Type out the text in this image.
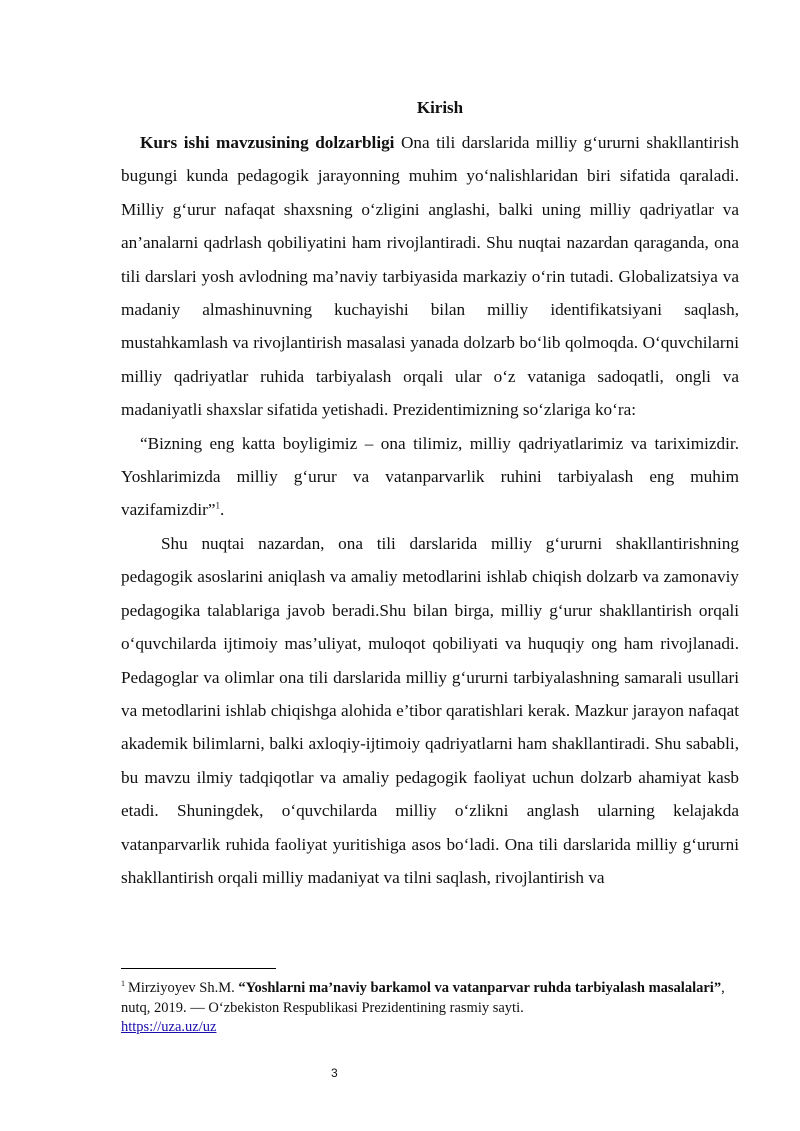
Kirish

Kurs ishi mavzusining dolzarbligi Ona tili darslarida milliy g‘ururni shakllantirish bugungi kunda pedagogik jarayonning muhim yo‘nalishlaridan biri sifatida qaraladi. Milliy g‘urur nafaqat shaxsning o‘zligini anglashi, balki uning milliy qadriyatlar va an’analarni qadrlash qobiliyatini ham rivojlantiradi. Shu nuqtai nazardan qaraganda, ona tili darslari yosh avlodning ma’naviy tarbiyasida markaziy o‘rin tutadi. Globalizatsiya va madaniy almashinuvning kuchayishi bilan milliy identifikatsiyani saqlash, mustahkamlash va rivojlantirish masalasi yanada dolzarb bo‘lib qolmoqda. O‘quvchilarni milliy qadriyatlar ruhida tarbiyalash orqali ular o‘z vataniga sadoqatli, ongli va madaniyatli shaxslar sifatida yetishadi. Prezidentimizning so‘zlariga ko‘ra:

“Bizning eng katta boyligimiz – ona tilimiz, milliy qadriyatlarimiz va tariximizdir. Yoshlarimizda milliy g‘urur va vatanparvarlik ruhini tarbiyalash eng muhim vazifamizdir”$^1$.

Shu nuqtai nazardan, ona tili darslarida milliy g‘ururni shakllantirishning pedagogik asoslarini aniqlash va amaliy metodlarini ishlab chiqish dolzarb va zamonaviy pedagogika talablariga javob beradi.Shu bilan birga, milliy g‘urur shakllantirish orqali o‘quvchilarda ijtimoiy mas’uliyat, muloqot qobiliyati va huquqiy ong ham rivojlanadi. Pedagoglar va olimlar ona tili darslarida milliy g‘ururni tarbiyalashning samarali usullari va metodlarini ishlab chiqishga alohida e’tibor qaratishlari kerak. Mazkur jarayon nafaqat akademik bilimlarni, balki axloqiy-ijtimoiy qadriyatlarni ham shakllantiradi. Shu sababli, bu mavzu ilmiy tadqiqotlar va amaliy pedagogik faoliyat uchun dolzarb ahamiyat kasb etadi. Shuningdek, o‘quvchilarda milliy o‘zlikni anglash ularning kelajakda vatanparvarlik ruhida faoliyat yuritishiga asos bo‘ladi. Ona tili darslarida milliy g‘ururni shakllantirish orqali milliy madaniyat va tilni saqlash, rivojlantirish va

$^1$ Mirziyoyev Sh.M. “Yoshlarni ma’naviy barkamol va vatanparvar ruhda tarbiyalash masalalari”, nutq, 2019. — O‘zbekiston Respublikasi Prezidentining rasmiy sayti.
https://uza.uz/uz
3
